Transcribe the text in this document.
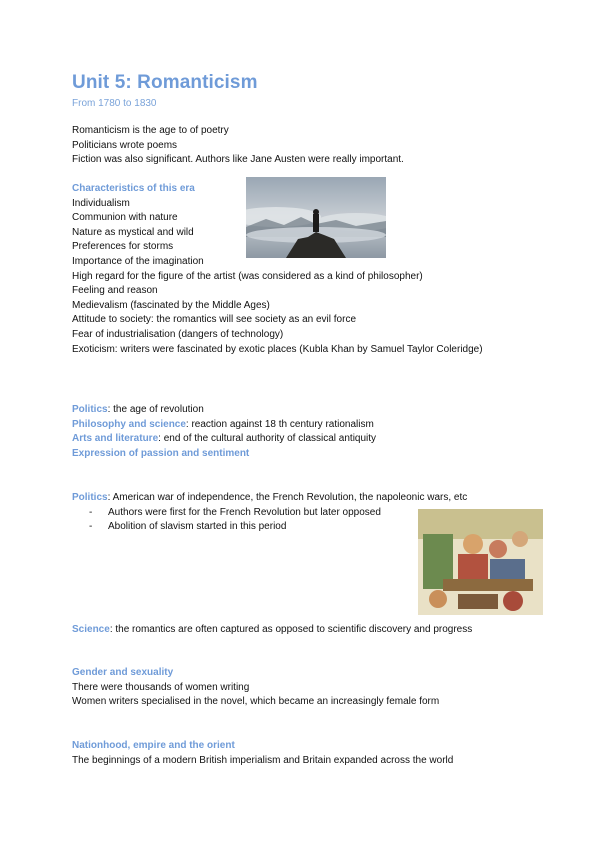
Unit 5: Romanticism
From 1780 to 1830

Romanticism is the age to of poetry

Politicians wrote poems

Fiction was also significant. Authors like Jane Austen were really important.

Characteristics of this era

Individualism

Communion with nature

Nature as mystical and wild

Preferences for storms

Importance of the imagination

High regard for the figure of the artist (was considered as a kind of philosopher)

Feeling and reason

Medievalism (fascinated by the Middle Ages)

Attitude to society: the romantics will see society as an evil force

Fear of industrialisation (dangers of technology)

Exoticism: writers were fascinated by exotic places (Kubla Khan by Samuel Taylor Coleridge)

Politics: the age of revolution

Philosophy and science: reaction against 18 th century rationalism

Arts and literature: end of the cultural authority of classical antiquity

Expression of passion and sentiment

Politics: American war of independence, the French Revolution, the napoleonic wars, etc

- Authors were first for the French Revolution but later opposed

- Abolition of slavism started in this period

Science: the romantics are often captured as opposed to scientific discovery and progress

Gender and sexuality

There were thousands of women writing

Women writers specialised in the novel, which became an increasingly female form

Nationhood, empire and the orient

The beginnings of a modern British imperialism and Britain expanded across the world
